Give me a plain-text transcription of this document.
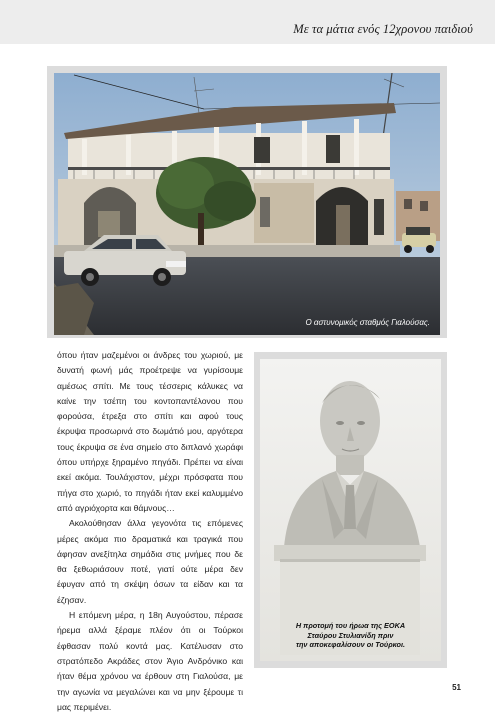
Με τα μάτια ενός 12χρονου παιδιού
Ο αστυνομικός σταθμός Γιαλούσας.

όπου ήταν μαζεμένοι οι άνδρες του χωριού, με δυνατή φωνή μάς προέτρεψε να γυρίσουμε αμέσως σπίτι. Με τους τέσσερις κάλυκες να καίνε την τσέπη του κοντοπαντέλονου που φορούσα, έτρεξα στο σπίτι και αφού τους έκρυψα προσωρινά στο δωμάτιό μου, αργότερα τους έκρυψα σε ένα σημείο στο διπλανό χωράφι όπου υπήρχε ξηραμένο πηγάδι. Πρέπει να είναι εκεί ακόμα. Τουλάχιστον, μέχρι πρόσφατα που πήγα στο χωριό, το πηγάδι ήταν εκεί καλυμμένο από αγριόχορτα και θάμνους…

Ακολούθησαν άλλα γεγονότα τις επόμενες μέρες ακόμα πιο δραματικά και τραγικά που άφησαν ανεξίτηλα σημάδια στις μνήμες που δε θα ξεθωριάσουν ποτέ, γιατί ούτε μέρα δεν έφυγαν από τη σκέψη όσων τα είδαν και τα έζησαν.

Η επόμενη μέρα, η 18η Αυγούστου, πέρασε ήρεμα αλλά ξέραμε πλέον ότι οι Τούρκοι έφθασαν πολύ κοντά μας. Κατέλυσαν στο στρατόπεδο Ακράδες στον Άγιο Ανδρόνικο και ήταν θέμα χρόνου να έρθουν στη Γιαλούσα, με την αγωνία να μεγαλώνει και να μην ξέρουμε τι μας περιμένει.

Η προτομή του ήρωα της ΕΟΚΑ
Σταύρου Στυλιανίδη πριν
την αποκεφαλίσουν οι Τούρκοι.
51
